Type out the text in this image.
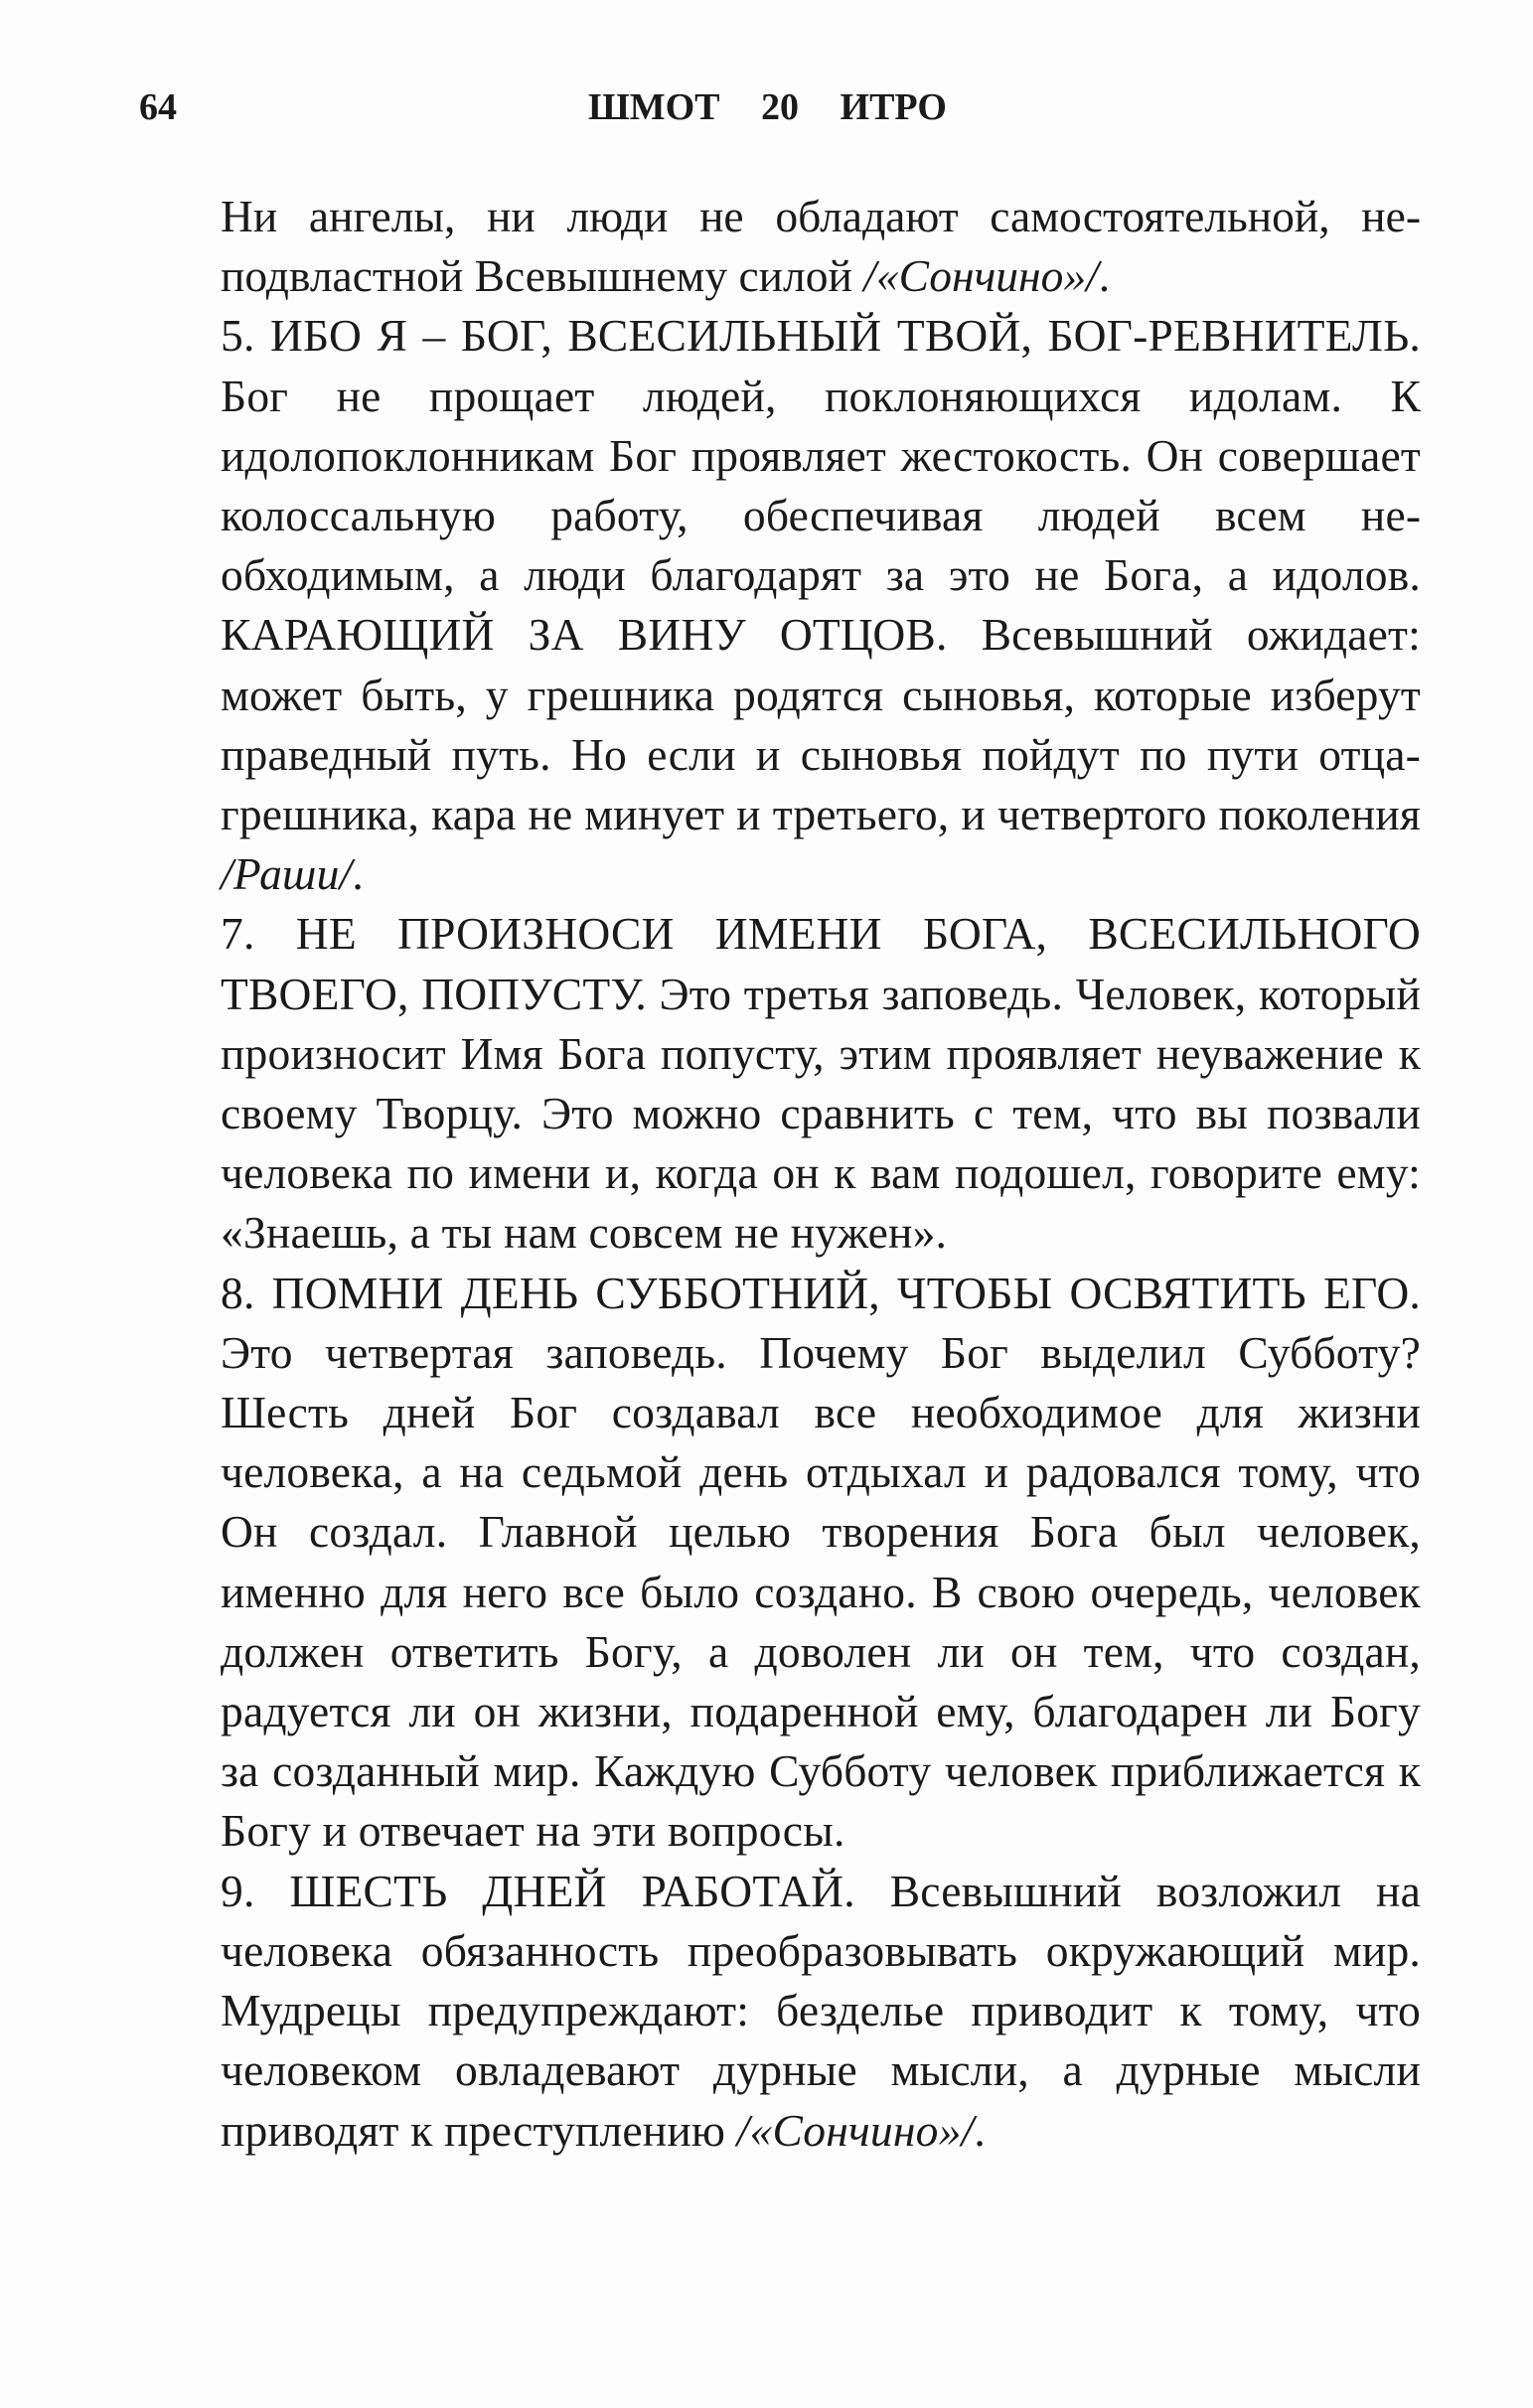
64	ШМОТ 20 ИТРО

Ни ангелы, ни люди не обладают самостоятельной, неподвластной Всевышнему силой /«Сончино»/.

5. ИБО Я – БОГ, ВСЕСИЛЬНЫЙ ТВОЙ, БОГ-РЕВНИТЕЛЬ. Бог не прощает людей, поклоняющихся идолам. К идолопоклонникам Бог проявляет жестокость. Он совершает колоссальную работу, обеспечивая людей всем необходимым, а люди благодарят за это не Бога, а идолов. КАРАЮЩИЙ ЗА ВИНУ ОТЦОВ. Всевышний ожидает: может быть, у грешника родятся сыновья, которые изберут праведный путь. Но если и сыновья пойдут по пути отца-грешника, кара не минует и третьего, и четвертого поколения /Раши/.

7. НЕ ПРОИЗНОСИ ИМЕНИ БОГА, ВСЕСИЛЬНОГО ТВОЕГО, ПОПУСТУ. Это третья заповедь. Человек, который произносит Имя Бога попусту, этим проявляет неуважение к своему Творцу. Это можно сравнить с тем, что вы позвали человека по имени и, когда он к вам подошел, говорите ему: «Знаешь, а ты нам совсем не нужен».

8. ПОМНИ ДЕНЬ СУББОТНИЙ, ЧТОБЫ ОСВЯТИТЬ ЕГО. Это четвертая заповедь. Почему Бог выделил Субботу? Шесть дней Бог создавал все необходимое для жизни человека, а на седьмой день отдыхал и радовался тому, что Он создал. Главной целью творения Бога был человек, именно для него все было создано. В свою очередь, человек должен ответить Богу, а доволен ли он тем, что создан, радуется ли он жизни, подаренной ему, благодарен ли Богу за созданный мир. Каждую Субботу человек приближается к Богу и отвечает на эти вопросы.

9. ШЕСТЬ ДНЕЙ РАБОТАЙ. Всевышний возложил на человека обязанность преобразовывать окружающий мир. Мудрецы предупреждают: безделье приводит к тому, что человеком овладевают дурные мысли, а дурные мысли приводят к преступлению /«Сончино»/.
